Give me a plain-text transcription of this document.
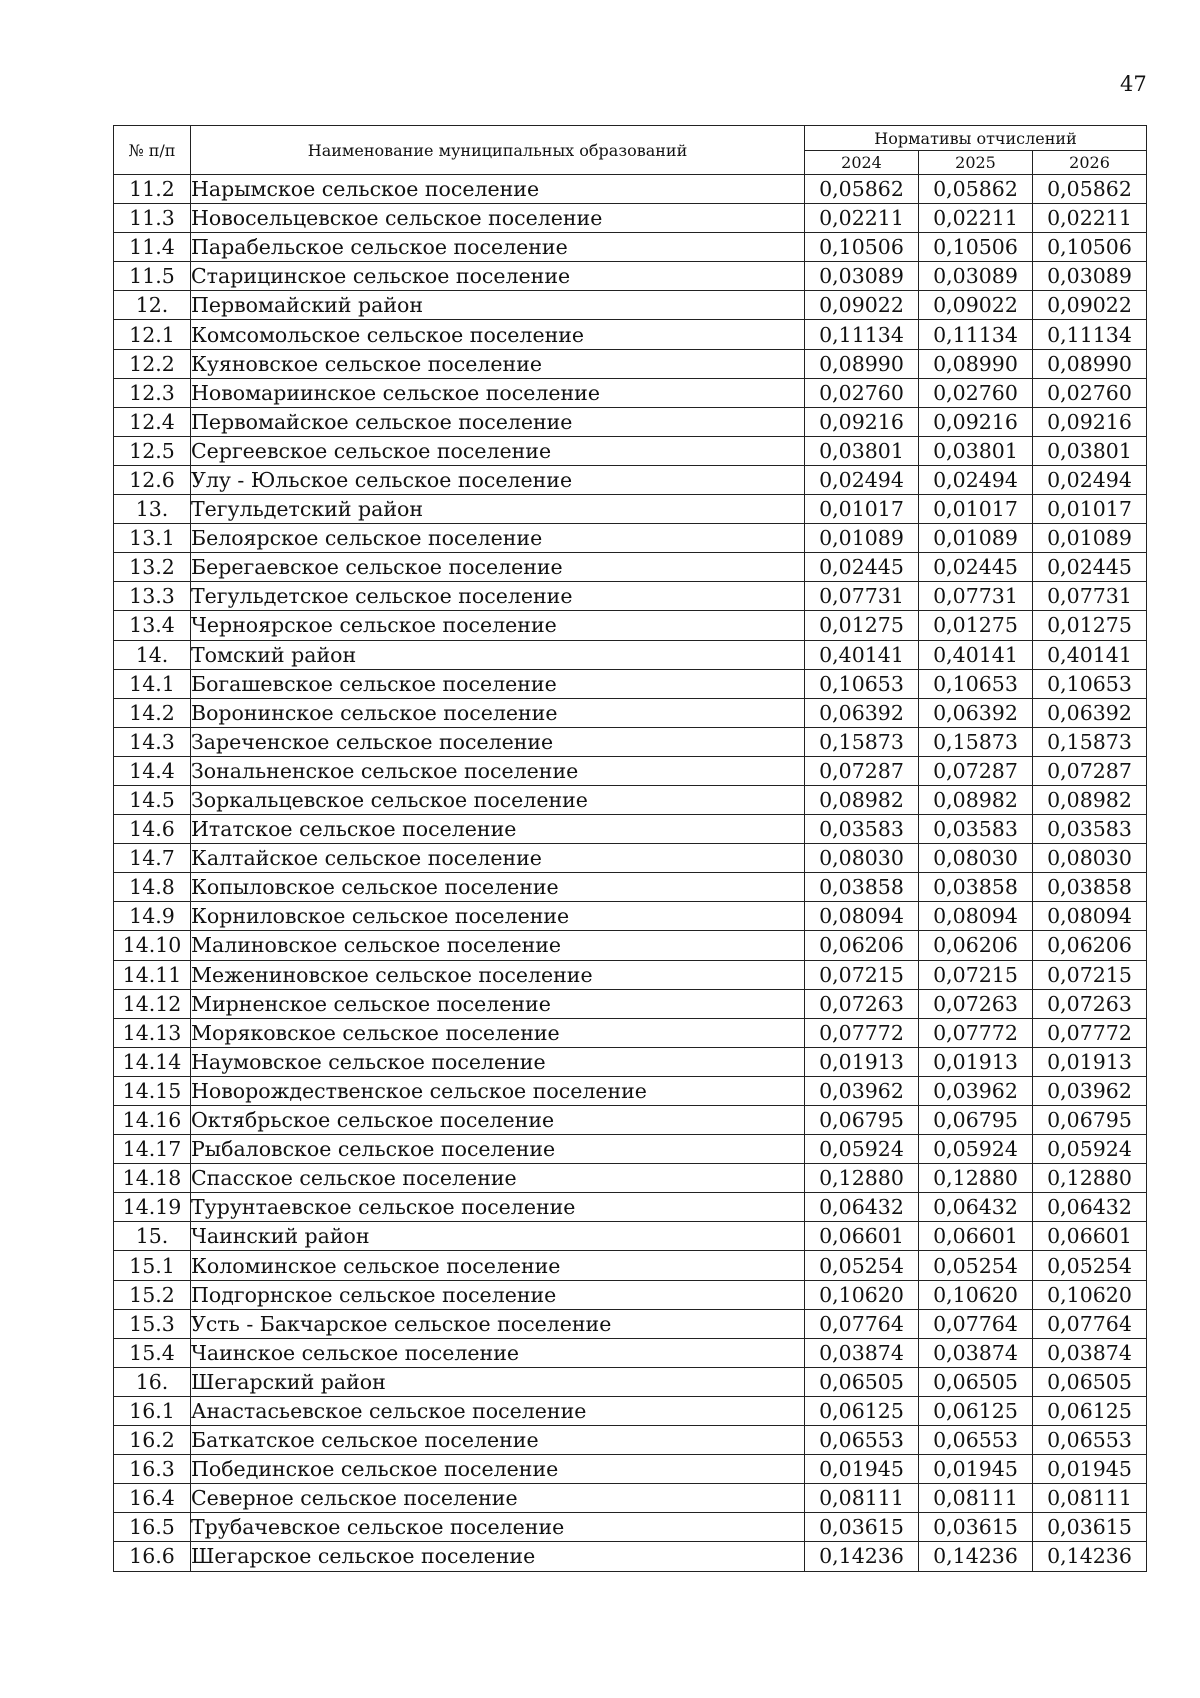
47
№ п/п	Наименование муниципальных образований	Нормативы отчислений		
		2024	2025	2026
11.2	Нарымское сельское поселение	0,05862	0,05862	0,05862
11.3	Новосельцевское сельское поселение	0,02211	0,02211	0,02211
11.4	Парабельское сельское поселение	0,10506	0,10506	0,10506
11.5	Старицинское сельское поселение	0,03089	0,03089	0,03089
12.	Первомайский район	0,09022	0,09022	0,09022
12.1	Комсомольское сельское поселение	0,11134	0,11134	0,11134
12.2	Куяновское сельское поселение	0,08990	0,08990	0,08990
12.3	Новомариинское сельское поселение	0,02760	0,02760	0,02760
12.4	Первомайское сельское поселение	0,09216	0,09216	0,09216
12.5	Сергеевское сельское поселение	0,03801	0,03801	0,03801
12.6	Улу - Юльское сельское поселение	0,02494	0,02494	0,02494
13.	Тегульдетский район	0,01017	0,01017	0,01017
13.1	Белоярское сельское поселение	0,01089	0,01089	0,01089
13.2	Берегаевское сельское поселение	0,02445	0,02445	0,02445
13.3	Тегульдетское сельское поселение	0,07731	0,07731	0,07731
13.4	Черноярское сельское поселение	0,01275	0,01275	0,01275
14.	Томский район	0,40141	0,40141	0,40141
14.1	Богашевское сельское поселение	0,10653	0,10653	0,10653
14.2	Воронинское сельское поселение	0,06392	0,06392	0,06392
14.3	Зареченское сельское поселение	0,15873	0,15873	0,15873
14.4	Зональненское сельское поселение	0,07287	0,07287	0,07287
14.5	Зоркальцевское сельское поселение	0,08982	0,08982	0,08982
14.6	Итатское сельское поселение	0,03583	0,03583	0,03583
14.7	Калтайское сельское поселение	0,08030	0,08030	0,08030
14.8	Копыловское сельское поселение	0,03858	0,03858	0,03858
14.9	Корниловское сельское поселение	0,08094	0,08094	0,08094
14.10	Малиновское сельское поселение	0,06206	0,06206	0,06206
14.11	Межениновское сельское поселение	0,07215	0,07215	0,07215
14.12	Мирненское сельское поселение	0,07263	0,07263	0,07263
14.13	Моряковское сельское поселение	0,07772	0,07772	0,07772
14.14	Наумовское сельское поселение	0,01913	0,01913	0,01913
14.15	Новорождественское сельское поселение	0,03962	0,03962	0,03962
14.16	Октябрьское сельское поселение	0,06795	0,06795	0,06795
14.17	Рыбаловское сельское поселение	0,05924	0,05924	0,05924
14.18	Спасское сельское поселение	0,12880	0,12880	0,12880
14.19	Турунтаевское сельское поселение	0,06432	0,06432	0,06432
15.	Чаинский район	0,06601	0,06601	0,06601
15.1	Коломинское сельское поселение	0,05254	0,05254	0,05254
15.2	Подгорнское сельское поселение	0,10620	0,10620	0,10620
15.3	Усть - Бакчарское сельское поселение	0,07764	0,07764	0,07764
15.4	Чаинское сельское поселение	0,03874	0,03874	0,03874
16.	Шегарский район	0,06505	0,06505	0,06505
16.1	Анастасьевское сельское поселение	0,06125	0,06125	0,06125
16.2	Баткатское сельское поселение	0,06553	0,06553	0,06553
16.3	Побединское сельское поселение	0,01945	0,01945	0,01945
16.4	Северное сельское поселение	0,08111	0,08111	0,08111
16.5	Трубачевское сельское поселение	0,03615	0,03615	0,03615
16.6	Шегарское сельское поселение	0,14236	0,14236	0,14236
